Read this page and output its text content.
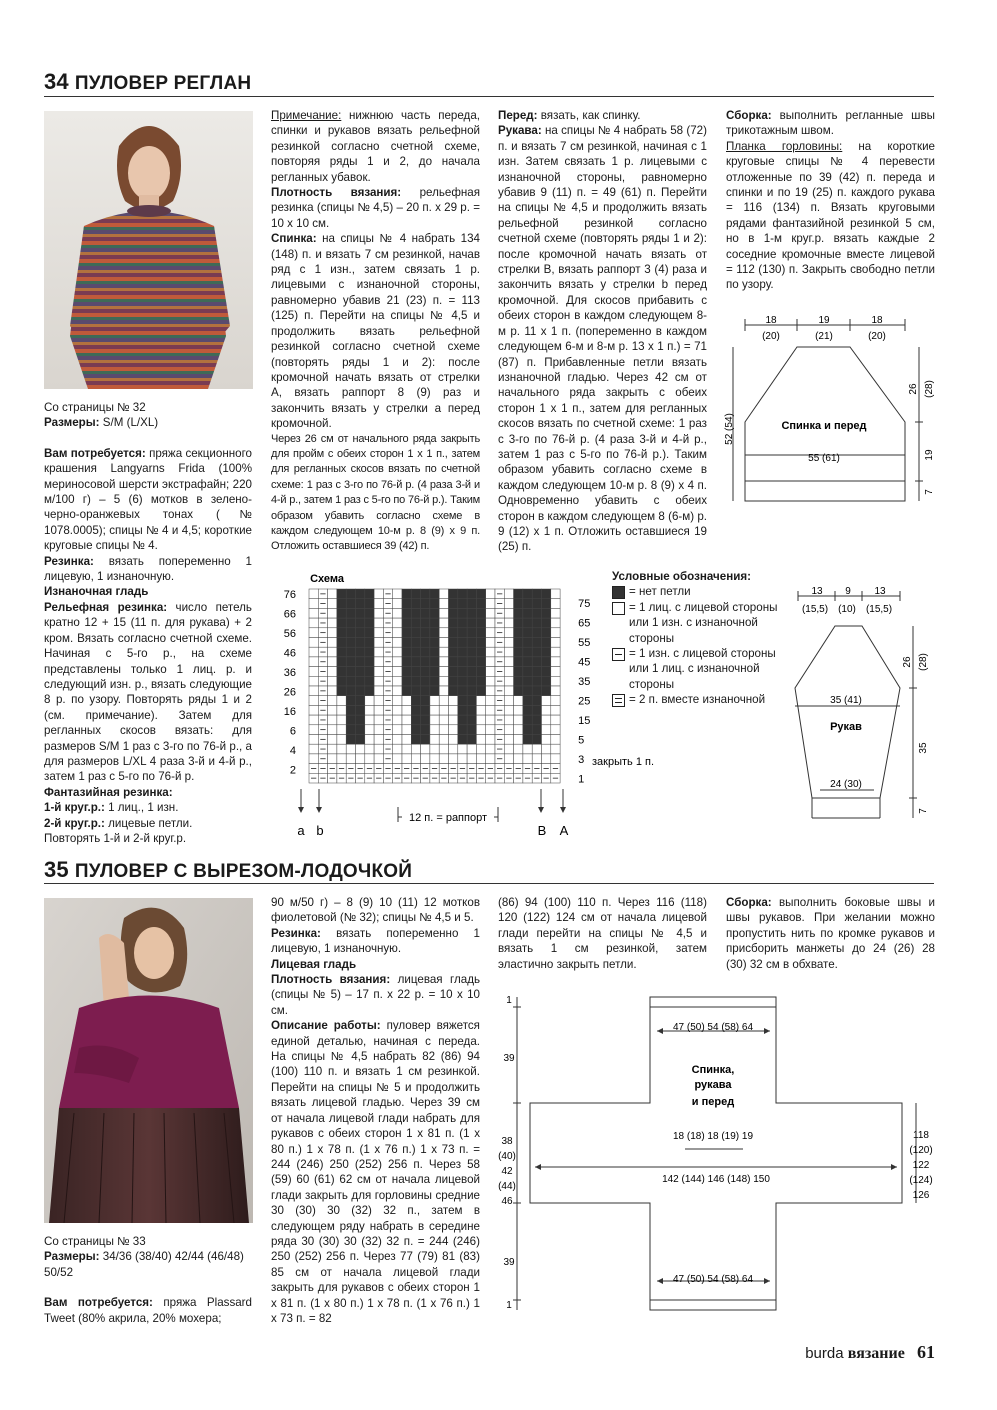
34 ПУЛОВЕР РЕГЛАН

Со страницы № 32

Размеры: S/M (L/XL)

Вам потребуется: пряжа секционного крашения Langyarns Frida (100% мериносовой шерсти экстрафайн; 220 м/100 г) – 5 (6) мотков в зелено-черно-оранжевых тонах (№ 1078.0005); спицы № 4 и 4,5; короткие круговые спицы № 4.

Резинка: вязать попеременно 1 лицевую, 1 изнаночную.

Изнаночная гладь

Рельефная резинка: число петель кратно 12 + 15 (11 п. для рукава) + 2 кром. Вязать согласно счетной схеме. Начиная с 5-го р., на схеме представлены только 1 лиц. р. и следующий изн. р., вязать следующие 8 р. по узору. Повторять ряды 1 и 2 (см. примечание). Затем для регланных скосов вязать: для размеров S/M 1 раз с 3-го по 76-й р., а для размеров L/XL 4 раза 3-й и 4-й р., затем 1 раз с 5-го по 76-й р.

Фантазийная резинка:

1-й круг.р.: 1 лиц., 1 изн.

2-й круг.р.: лицевые петли.

Повторять 1-й и 2-й круг.р.

Примечание: нижнюю часть переда, спинки и рукавов вязать рельефной резинкой согласно счетной схеме, повторяя ряды 1 и 2, до начала регланных убавок.

Плотность вязания: рельефная резинка (спицы № 4,5) – 20 п. х 29 р. = 10 х 10 см.

Спинка: на спицы № 4 набрать 134 (148) п. и вязать 7 см резинкой, начав ряд с 1 изн., затем связать 1 р. лицевыми с изнаночной стороны, равномерно убавив 21 (23) п. = 113 (125) п. Перейти на спицы № 4,5 и продолжить вязать рельефной резинкой согласно счетной схеме (повторять ряды 1 и 2): после кромочной начать вязать от стрелки А, вязать раппорт 8 (9) раз и закончить вязать у стрелки а перед кромочной.

Через 26 см от начального ряда закрыть для пройм с обеих сторон 1 х 1 п., затем для регланных скосов вязать по счетной схеме: 1 раз с 3-го по 76-й р. (4 раза 3-й и 4-й р., затем 1 раз с 5-го по 76-й р.). Таким образом убавить согласно схеме в каждом следующем 10-м р. 8 (9) х 9 п. Отложить оставшиеся 39 (42) п.

Перед: вязать, как спинку.

Рукава: на спицы № 4 набрать 58 (72) п. и вязать 7 см резинкой, начиная с 1 изн. Затем связать 1 р. лицевыми с изнаночной стороны, равномерно убавив 9 (11) п. = 49 (61) п. Перейти на спицы № 4,5 и продолжить вязать рельефной резинкой согласно счетной схеме (повторять ряды 1 и 2): после кромочной начать вязать от стрелки В, вязать раппорт 3 (4) раза и закончить вязать у стрелки b перед кромочной. Для скосов прибавить с обеих сторон в каждом следующем 8-м р. 11 х 1 п. (попеременно в каждом следующем 6-м и 8-м р. 13 х 1 п.) = 71 (87) п. Прибавленные петли вязать изнаночной гладью. Через 42 см от начального ряда закрыть с обеих сторон 1 х 1 п., затем для регланных скосов вязать по счетной схеме: 1 раз с 3-го по 76-й р. (4 раза 3-й и 4-й р., затем 1 раз с 5-го по 76-й р.). Таким образом убавить согласно схеме в каждом следующем 10-м р. 8 (9) х 4 п. Одновременно убавить с обеих сторон в каждом следующем 8 (6-м) р. 9 (12) х 1 п. Отложить оставшиеся 19 (25) п.

Сборка: выполнить регланные швы трикотажным швом.

Планка горловины: на короткие круговые спицы № 4 перевести отложенные по 39 (42) п. переда и спинки и по 19 (25) п. каждого рукава = 116 (134) п. Вязать круговыми рядами фантазийной резинкой 5 см, но в 1-м круг.р. вязать каждые 2 соседние кромочные вместе лицевой = 112 (130) п. Закрыть свободно петли по узору.

18	19	18
(20)	(21)	(20)
Спинка и перед
55 (61)
52 (54)
26 (28)
19
7
Схема
76
66
56
46
36
26
16
6
4
2
75
65
55
45
35
25
15
5
3
1
a b	B A
12 п. = раппорт
закрыть 1 п.
Условные обозначения:
= нет петли
= 1 лиц. с лицевой стороны или 1 изн. с изнаночной стороны
= 1 изн. с лицевой стороны или 1 лиц. с изнаночной стороны
= 2 п. вместе изнаночной
13 9 13
(15,5) (10) (15,5)
35 (41)
Рукав
24 (30)
26 (28)
35
7
35 ПУЛОВЕР С ВЫРЕЗОМ-ЛОДОЧКОЙ

Со страницы № 33

Размеры: 34/36 (38/40) 42/44 (46/48) 50/52

Вам потребуется: пряжа Plassard Tweet (80% акрила, 20% мохера;

90 м/50 г) – 8 (9) 10 (11) 12 мотков фиолетовой (№ 32); спицы № 4,5 и 5.

Резинка: вязать попеременно 1 лицевую, 1 изнаночную.

Лицевая гладь

Плотность вязания: лицевая гладь (спицы № 5) – 17 п. х 22 р. = 10 х 10 см.

Описание работы: пуловер вяжется единой деталью, начиная с переда. На спицы № 4,5 набрать 82 (86) 94 (100) 110 п. и вязать 1 см резинкой. Перейти на спицы № 5 и продолжить вязать лицевой гладью. Через 39 см от начала лицевой глади набрать для рукавов с обеих сторон 1 х 81 п. (1 х 80 п.) 1 х 78 п. (1 х 76 п.) 1 х 73 п. = 244 (246) 250 (252) 256 п. Через 58 (59) 60 (61) 62 см от начала лицевой глади закрыть для горловины средние 30 (30) 30 (32) 32 п., затем в следующем ряду набрать в середине ряда 30 (30) 30 (32) 32 п. = 244 (246) 250 (252) 256 п. Через 77 (79) 81 (83) 85 см от начала лицевой глади закрыть для рукавов с обеих сторон 1 х 81 п. (1 х 80 п.) 1 х 78 п. (1 х 76 п.) 1 х 73 п. = 82

(86) 94 (100) 110 п. Через 116 (118) 120 (122) 124 см от начала лицевой глади перейти на спицы № 4,5 и вязать 1 см резинкой, затем эластично закрыть петли.

Сборка: выполнить боковые швы и швы рукавов. При желании можно пропустить нить по кромке рукавов и присборить манжеты до 24 (26) 28 (30) 32 см в обхвате.

47 (50) 54 (58) 64
Спинка,
рукава
и перед
18 (18) 18 (19) 19
142 (144) 146 (148) 150
47 (50) 54 (58) 64
1
39
38
(40)
42
(44)
46
39
1
118
(120)
122
(124)
126
burda вязание 61
